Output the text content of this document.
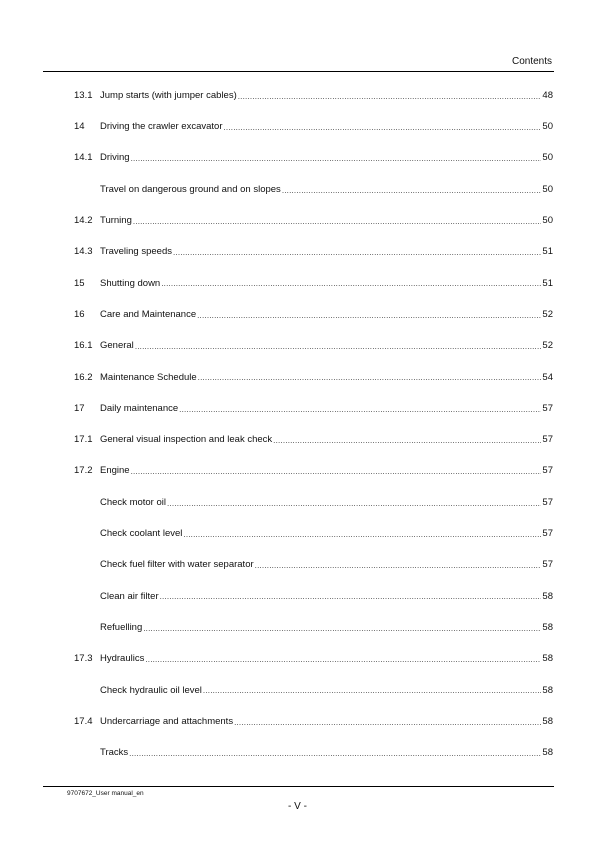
Contents
13.1 Jump starts (with jumper cables) .....	48
14	Driving the crawler excavator .....	50
14.1 Driving .....	50
Travel on dangerous ground and on slopes .....	50
14.2 Turning .....	50
14.3 Traveling speeds .....	51
15	Shutting down .....	51
16	Care and Maintenance .....	52
16.1 General .....	52
16.2 Maintenance Schedule .....	54
17	Daily maintenance .....	57
17.1 General visual inspection and leak check .....	57
17.2 Engine .....	57
Check motor oil .....	57
Check coolant level .....	57
Check fuel filter with water separator .....	57
Clean air filter .....	58
Refuelling .....	58
17.3 Hydraulics .....	58
Check hydraulic oil level .....	58
17.4 Undercarriage and attachments .....	58
Tracks .....	58
9707672_User manual_en
- V -
